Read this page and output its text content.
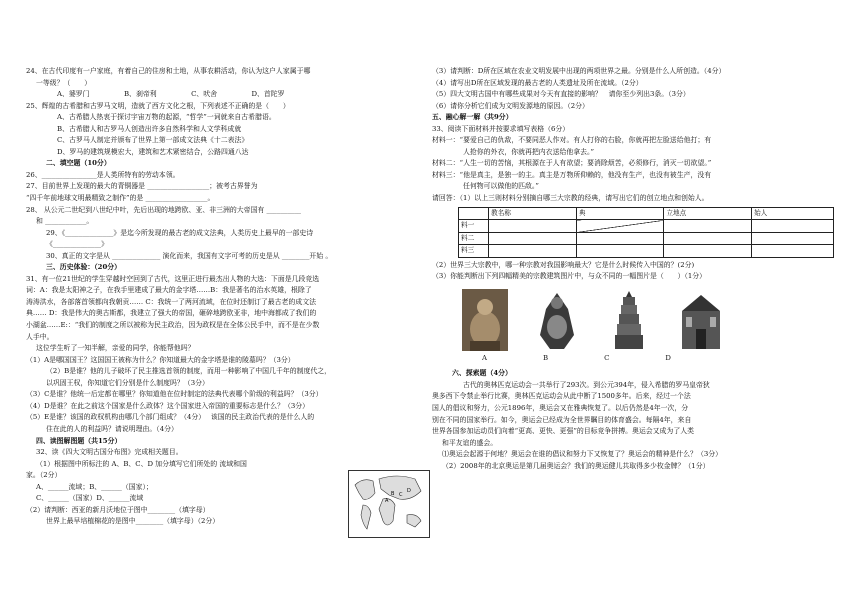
24、在古代印度有一户家庭，有着自己的住房和土地，从事农耕活动，你认为这户人家属于哪
一等级？（　　）
A、婆罗门　　　　　B、刹帝利　　　　　C、吠舍　　　　　D、首陀罗
25、辉煌的古希腊和古罗马文明，造就了西方文化之根，下列表述不正确的是（　　）
A、古希腊人热衷于探讨宇宙万物的起源，“哲学”一词就来自古希腊语。
B、古希腊人和古罗马人创造出许多自然科学和人文学科成就
C、古罗马人制定并颁布了世界上第一部成文法典《十二表法》
D、罗马的建筑规模宏大，建筑和艺术紧密结合，公路四通八达
二、填空题（10分）
26、________________是人类所特有的劳动本领。
27、目前世界上发现的最大的青铜器是 __________________；被考古界誉为
“四千年前地球文明最精致之制作”的是 __________________。
28、 从公元二世纪到八世纪中叶，先后出现的地跨欧、亚、非三洲的大帝国有 __________
和 ____________。
29、《______________》是迄今所发现的最古老的成文法典，人类历史上最早的一部史诗
《______________》
30、真正的文字是从 ______________ 演化而来，我国有文字可考的历史是从 ________开始 。
三、历史体验：（20分）
31、有一位21世纪的学生穿越时空回到了古代，这里正进行最杰出人物的大选：下面是几段竞选
词：A：我是太阳神之子，在我手里建成了最大的金字塔……B：我是著名的治水英雄，根除了
涛涛洪水，各部落首领都向我朝贡…… C：我统一了两河流域，在位时还制订了最古老的成文法
典…… D：我是伟大的奥古斯都，我建立了强大的帝国，砸碎地跨欧亚非，地中海都成了我们的
小湖盆……E:：“我们的制度之所以被称为民主政治，因为政权是在全体公民手中，而不是在少数
人手中。
这位学生听了一知半解，亲爱的同学，你能帮他吗？
（1）A是哪国国王？这国国王被称为什么？你知道最大的金字塔是谁的陵墓吗？（3分）
（2）B是谁？他的儿子破坏了民主推选首领的制度，而用一种影响了中国几千年的制度代之，
以巩固王权，你知道它们分别是什么制度吗？（3分）
（3）C是谁？他统一后定都在哪里？你知道他在位时制定的法典代表哪个阶级的利益吗？（3分）
（4）D是谁？在此之前这个国家是什么政体？这个国家进入帝国的重要标志是什么？（3分）
（5）E是谁？该国的政权机构由哪几个部门组成？（4分）　 该国的民主政治代表的是什么人的
住在此的人的利益吗？请说明理由。（4分）
四、读图解图题（共15分）
32、读《四大文明古国分布图》完成相关题目。
（1）根据图中所标注的 A、B、C、D 加分填写它们所处的 流域和国
家。（2分）
A、______流域；B、______（国家）；
C、______（国家）D、______流域
（2）请判断：西亚的新月沃地位于图中________（填字母）
世界上最早培植棉花的是图中________（填字母）（2分）
（3）请判断：D所在区域在农业文明发展中出现的两项世界之最。分别是什么人所创造。（4分）
（4）请写出D所在区域发现的最古老的人类遗址及所在流域。（2分）
（5）四大文明古国中有哪些成果对今天有直接的影响？　请你至少列出3条。（3分）
（6）请你分析它们成为文明发源地的原因。（2分）
五、融心解一解（共9分）
33、阅读下面材料并按要求填写表格（6分）
材料一：“要爱自己的仇敌，不要同恶人作对。有人打你的右脸，你就再把左脸送给他打；有
人抢你的外衣，你就再把内衣送给他拿去。”
材料二：“人生一切的苦恼，其根源在于人有欲望；要消除烦苦，必须修行，消灭一切欲望。”
材料三：“他是真主，是独一的主。真主是万物所仰赖的，他没有生产，也没有被生产，没有
任何物可以做他的匹敌。”
请回答：（1）以上三则材料分别摘自哪三大宗教的经典，请写出它们的创立地点和创始人。
	教名称	典	立地点	始人
料一				
料二				
料三				
（2）世界三大宗教中，哪一种宗教对我国影响最大？它是什么时候传入中国的？(2分)
（3）你能判断出下列四幅精美的宗教建筑图片中，与众不同的一幅图片是（　　）（1分）
A	B	C	D
六、探索题（4分）
古代的奥林匹克运动会一共举行了293次。到公元394年，侵入希腊的罗马皇帝狄
奥多西下令禁止举行比赛，奥林匹克运动会从此中断了1500多年。后来，经过一个法
国人的倡议和努力，公元1896年，奥运会又在雅典恢复了。以后仍然是4年一次，分
别在不同的国家举行。如今，奥运会已经成为全世界瞩目的体育盛会。每隔4年，来自
世界各国参加运动员们向着“更高、更快、更强”的目标竞争拼搏。奥运会又成为了人类
和平友谊的盛会。
⑴奥运会起源于何地？奥运会在谁的倡议和努力下又恢复了？奥运会的精神是什么？（3分）
（2）2008年的北京奥运是第几届奥运会？我们的奥运健儿共取得多少枚金牌？（1分）
A
B C
D
